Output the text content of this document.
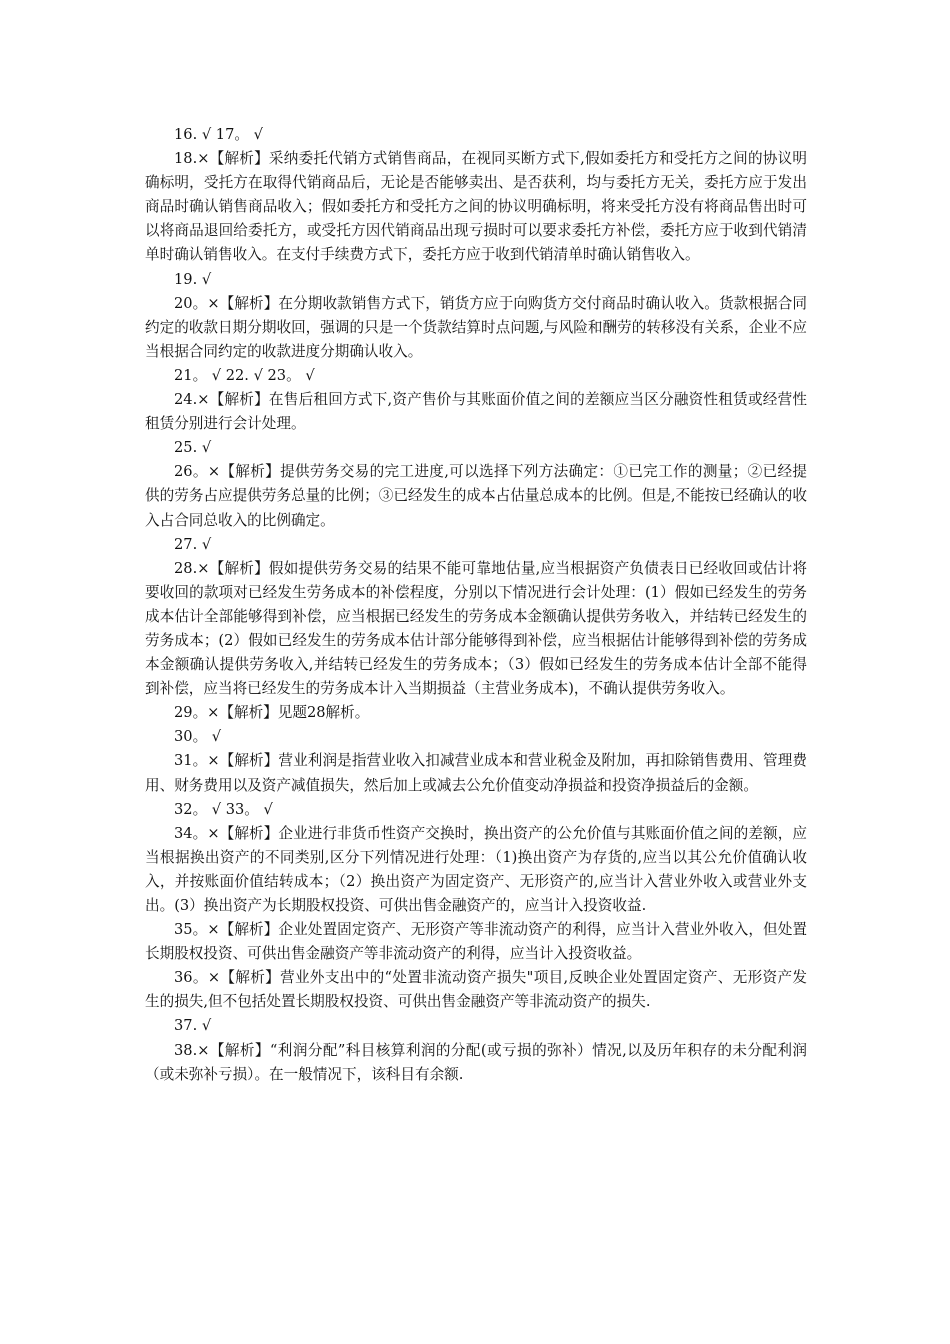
16. √ 17。 √

18.×【解析】采纳委托代销方式销售商品，在视同买断方式下,假如委托方和受托方之间的协议明确标明，受托方在取得代销商品后，无论是否能够卖出、是否获利，均与委托方无关，委托方应于发出商品时确认销售商品收入；假如委托方和受托方之间的协议明确标明，将来受托方没有将商品售出时可以将商品退回给委托方，或受托方因代销商品出现亏损时可以要求委托方补偿，委托方应于收到代销清单时确认销售收入。在支付手续费方式下，委托方应于收到代销清单时确认销售收入。

19. √

20。×【解析】在分期收款销售方式下，销货方应于向购货方交付商品时确认收入。货款根据合同约定的收款日期分期收回，强调的只是一个货款结算时点问题,与风险和酬劳的转移没有关系，企业不应当根据合同约定的收款进度分期确认收入。

21。 √ 22. √ 23。 √

24.×【解析】在售后租回方式下,资产售价与其账面价值之间的差额应当区分融资性租赁或经营性租赁分别进行会计处理。

25. √

26。×【解析】提供劳务交易的完工进度,可以选择下列方法确定：①已完工作的测量；②已经提供的劳务占应提供劳务总量的比例；③已经发生的成本占估量总成本的比例。但是,不能按已经确认的收入占合同总收入的比例确定。

27. √

28.×【解析】假如提供劳务交易的结果不能可靠地估量,应当根据资产负债表日已经收回或估计将要收回的款项对已经发生劳务成本的补偿程度，分别以下情况进行会计处理：(1）假如已经发生的劳务成本估计全部能够得到补偿，应当根据已经发生的劳务成本金额确认提供劳务收入，并结转已经发生的劳务成本；(2）假如已经发生的劳务成本估计部分能够得到补偿，应当根据估计能够得到补偿的劳务成本金额确认提供劳务收入,并结转已经发生的劳务成本；（3）假如已经发生的劳务成本估计全部不能得到补偿，应当将已经发生的劳务成本计入当期损益（主营业务成本)，不确认提供劳务收入。

29。×【解析】见题28解析。

30。 √

31。×【解析】营业利润是指营业收入扣减营业成本和营业税金及附加，再扣除销售费用、管理费用、财务费用以及资产减值损失，然后加上或减去公允价值变动净损益和投资净损益后的金额。

32。 √ 33。 √

34。×【解析】企业进行非货币性资产交换时，换出资产的公允价值与其账面价值之间的差额，应当根据换出资产的不同类别,区分下列情况进行处理：（1)换出资产为存货的,应当以其公允价值确认收入，并按账面价值结转成本；（2）换出资产为固定资产、无形资产的,应当计入营业外收入或营业外支出。(3）换出资产为长期股权投资、可供出售金融资产的，应当计入投资收益.

35。×【解析】企业处置固定资产、无形资产等非流动资产的利得，应当计入营业外收入，但处置长期股权投资、可供出售金融资产等非流动资产的利得，应当计入投资收益。

36。×【解析】营业外支出中的“处置非流动资产损失"项目,反映企业处置固定资产、无形资产发生的损失,但不包括处置长期股权投资、可供出售金融资产等非流动资产的损失.

37. √

38.×【解析】“利润分配”科目核算利润的分配(或亏损的弥补）情况,以及历年积存的未分配利润（或未弥补亏损）。在一般情况下，该科目有余额.
